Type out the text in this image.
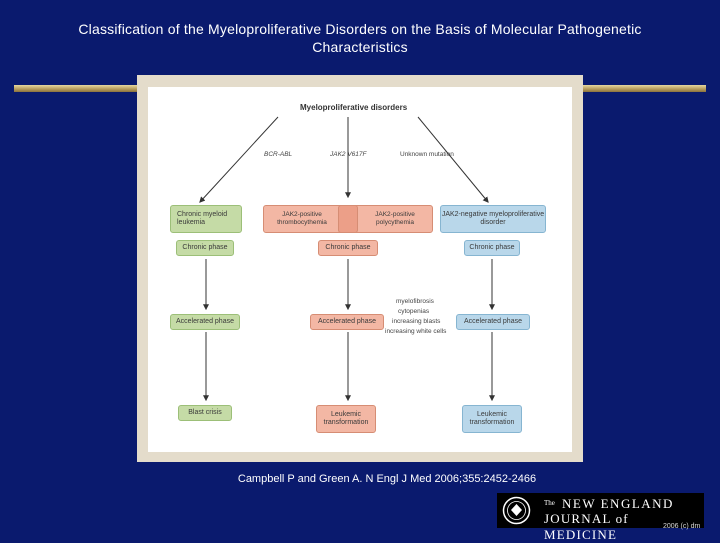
Classification of the Myeloproliferative Disorders on the Basis of Molecular Pathogenetic
Characteristics
Myeloproliferative disorders
BCR-ABL	JAK2 V617F	Unknown mutation
Chronic myeloid leukemia
JAK2-positive thrombocythemia
JAK2-positive polycythemia
JAK2-negative myeloproliferative disorder
Chronic phase	Chronic phase	Chronic phase
Accelerated phase	Accelerated phase	Accelerated phase
myelofibrosis
cytopenias
increasing blasts
increasing white cells
Blast crisis	Leukemic transformation
Leukemic transformation
Campbell P and Green A. N Engl J Med 2006;355:2452-2466
The NEW ENGLAND
JOURNAL of MEDICINE
2006 (c) dm
